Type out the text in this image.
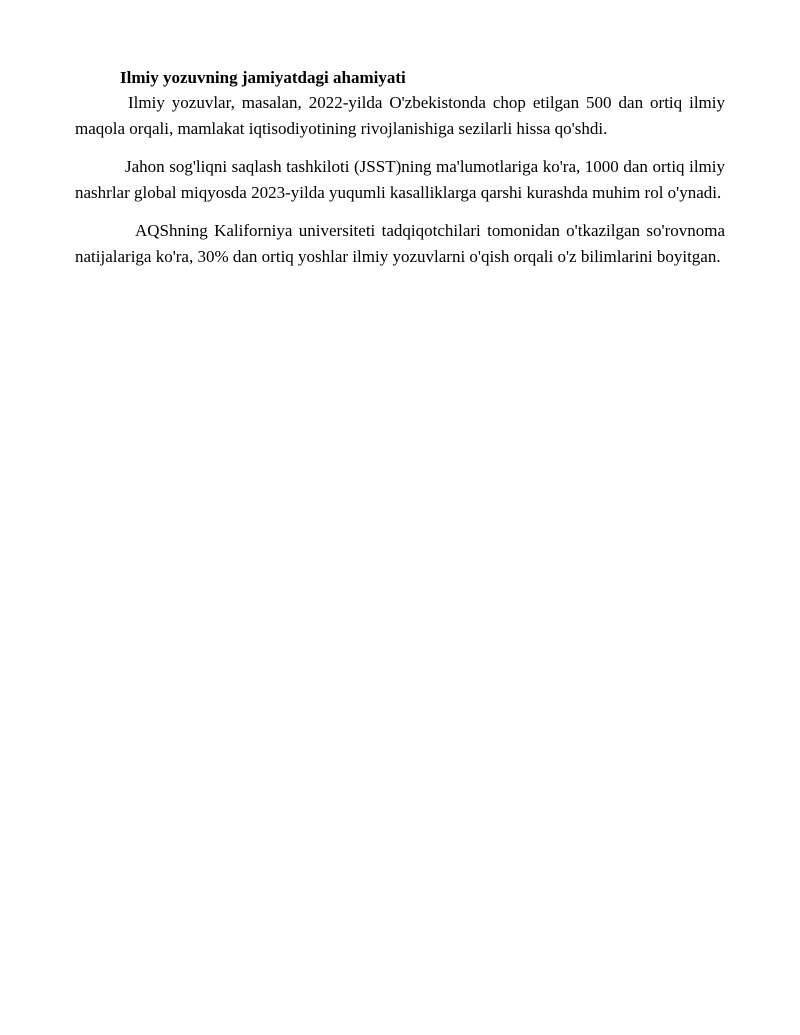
Ilmiy yozuvning jamiyatdagi ahamiyati

Ilmiy yozuvlar, masalan, 2022-yilda O'zbekistonda chop etilgan 500 dan ortiq ilmiy maqola orqali, mamlakat iqtisodiyotining rivojlanishiga sezilarli hissa qo'shdi.

Jahon sog'liqni saqlash tashkiloti (JSST)ning ma'lumotlariga ko'ra, 1000 dan ortiq ilmiy nashrlar global miqyosda 2023-yilda yuqumli kasalliklarga qarshi kurashda muhim rol o'ynadi.

AQShning Kaliforniya universiteti tadqiqotchilari tomonidan o'tkazilgan so'rovnoma natijalariga ko'ra, 30% dan ortiq yoshlar ilmiy yozuvlarni o'qish orqali o'z bilimlarini boyitgan.
